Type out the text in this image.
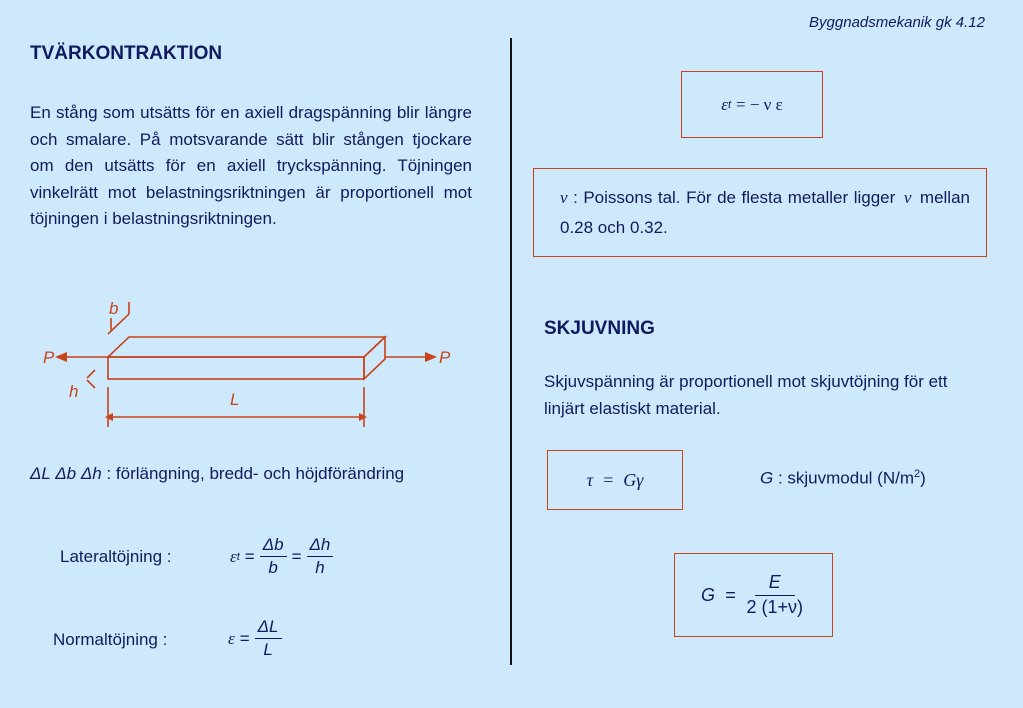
Byggnadsmekanik gk 4.12
TVÄRKONTRAKTION
En stång som utsätts för en axiell dragspänning blir längre och smalare. På motsvarande sätt blir stången tjockare om den utsätts för en axiell tryckspänning. Töjningen vinkelrätt mot belastningsriktningen är proportionell mot töjningen i belastningsriktningen.
b
h	L
P	P
ΔL Δb Δh : förlängning, bredd- och höjdförändring
Lateraltöjning :	ε $t = \frac{\Delta b}{b} = \frac{\Delta h}{h}$
Normaltöjning :	$\varepsilon = \frac{\Delta L}{L}$
ε t = − ν ε
ν : Poissons tal. För de flesta metaller ligger ν mellan 0.28 och 0.32.
SKJUVNING
Skjuvspänning är proportionell mot skjuvtöjning för ett linjärt elastiskt material.
τ  =  Gγ	G : skjuvmodul $(N/m^2)$
$G = \frac{E}{2 (1+\nu)}$
